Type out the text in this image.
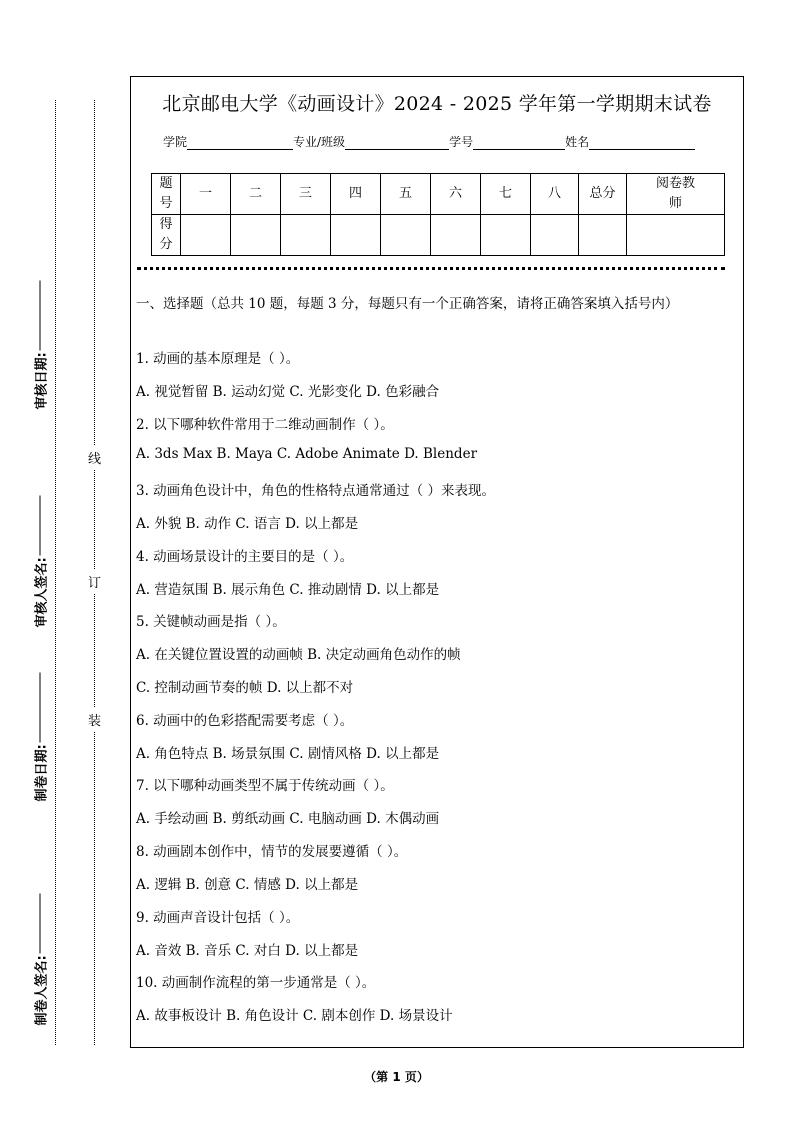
制卷人签名:
制卷日期:
审核人签名:
审核日期:
线
订
装
北京邮电大学《动画设计》2024 - 2025 学年第一学期期末试卷
学院	专业/班级	学号	姓名
题号	一	二	三	四	五	六	七	八	总分	阅卷教师
得分										
一、选择题（总共 10 题，每题 3 分，每题只有一个正确答案，请将正确答案填入括号内）
1. 动画的基本原理是（ ）。
A. 视觉暂留 B. 运动幻觉 C. 光影变化 D. 色彩融合
2. 以下哪种软件常用于二维动画制作（ ）。
A. 3ds Max B. Maya C. Adobe Animate D. Blender
3. 动画角色设计中，角色的性格特点通常通过（ ）来表现。
A. 外貌 B. 动作 C. 语言 D. 以上都是
4. 动画场景设计的主要目的是（ ）。
A. 营造氛围 B. 展示角色 C. 推动剧情 D. 以上都是
5. 关键帧动画是指（ ）。
A. 在关键位置设置的动画帧 B. 决定动画角色动作的帧
C. 控制动画节奏的帧 D. 以上都不对
6. 动画中的色彩搭配需要考虑（ ）。
A. 角色特点 B. 场景氛围 C. 剧情风格 D. 以上都是
7. 以下哪种动画类型不属于传统动画（ ）。
A. 手绘动画 B. 剪纸动画 C. 电脑动画 D. 木偶动画
8. 动画剧本创作中，情节的发展要遵循（ ）。
A. 逻辑 B. 创意 C. 情感 D. 以上都是
9. 动画声音设计包括（ ）。
A. 音效 B. 音乐 C. 对白 D. 以上都是
10. 动画制作流程的第一步通常是（ ）。
A. 故事板设计 B. 角色设计 C. 剧本创作 D. 场景设计
（第 1 页）
